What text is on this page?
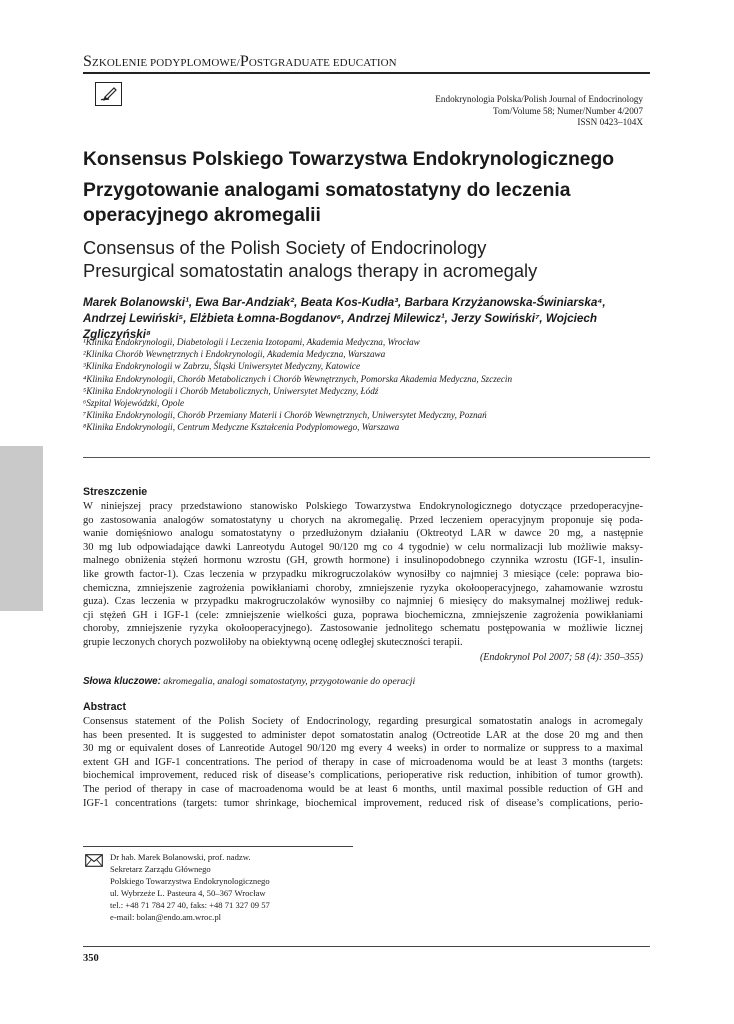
SZKOLENIE PODYPLOMOWE/POSTGRADUATE EDUCATION
Endokrynologia Polska/Polish Journal of Endocrinology
Tom/Volume 58; Numer/Number 4/2007
ISSN 0423–104X
Konsensus Polskiego Towarzystwa Endokrynologicznego
Przygotowanie analogami somatostatyny do leczenia
operacyjnego akromegalii
Consensus of the Polish Society of Endocrinology
Presurgical somatostatin analogs therapy in acromegaly
Marek Bolanowski¹, Ewa Bar-Andziak², Beata Kos-Kudła³, Barbara Krzyżanowska-Świniarska⁴,
Andrzej Lewiński⁵, Elżbieta Łomna-Bogdanov⁶, Andrzej Milewicz¹, Jerzy Sowiński⁷, Wojciech Zgliczyński⁸
¹Klinika Endokrynologii, Diabetologii i Leczenia Izotopami, Akademia Medyczna, Wrocław
²Klinika Chorób Wewnętrznych i Endokrynologii, Akademia Medyczna, Warszawa
³Klinika Endokrynologii w Zabrzu, Śląski Uniwersytet Medyczny, Katowice
⁴Klinika Endokrynologii, Chorób Metabolicznych i Chorób Wewnętrznych, Pomorska Akademia Medyczna, Szczecin
⁵Klinika Endokrynologii i Chorób Metabolicznych, Uniwersytet Medyczny, Łódź
⁶Szpital Wojewódzki, Opole
⁷Klinika Endokrynologii, Chorób Przemiany Materii i Chorób Wewnętrznych, Uniwersytet Medyczny, Poznań
⁸Klinika Endokrynologii, Centrum Medyczne Kształcenia Podyplomowego, Warszawa
Streszczenie
W niniejszej pracy przedstawiono stanowisko Polskiego Towarzystwa Endokrynologicznego dotyczące przedoperacyjne-
go zastosowania analogów somatostatyny u chorych na akromegalię. Przed leczeniem operacyjnym proponuje się poda-
wanie domięśniowo analogu somatostatyny o przedłużonym działaniu (Oktreotyd LAR w dawce 20 mg, a następnie
30 mg lub odpowiadające dawki Lanreotydu Autogel 90/120 mg co 4 tygodnie) w celu normalizacji lub możliwie maksy-
malnego obniżenia stężeń hormonu wzrostu (GH, growth hormone) i insulinopodobnego czynnika wzrostu (IGF-1, insulin-
like growth factor-1). Czas leczenia w przypadku mikrogruczolaków wynosiłby co najmniej 3 miesiące (cele: poprawa bio-
chemiczna, zmniejszenie zagrożenia powikłaniami choroby, zmniejszenie ryzyka okołooperacyjnego, zahamowanie wzrostu
guza). Czas leczenia w przypadku makrogruczolaków wynosiłby co najmniej 6 miesięcy do maksymalnej możliwej reduk-
cji stężeń GH i IGF-1 (cele: zmniejszenie wielkości guza, poprawa biochemiczna, zmniejszenie zagrożenia powikłaniami
choroby, zmniejszenie ryzyka okołooperacyjnego). Zastosowanie jednolitego schematu postępowania w możliwie licznej
grupie leczonych chorych pozwoliłoby na obiektywną ocenę odległej skuteczności terapii.
(Endokrynol Pol 2007; 58 (4): 350–355)
Słowa kluczowe: akromegalia, analogi somatostatyny, przygotowanie do operacji
Abstract
Consensus statement of the Polish Society of Endocrinology, regarding presurgical somatostatin analogs in acromegaly
has been presented. It is suggested to administer depot somatostatin analog (Octreotide LAR at the dose 20 mg and then
30 mg or equivalent doses of Lanreotide Autogel 90/120 mg every 4 weeks) in order to normalize or suppress to a maximal
extent GH and IGF-1 concentrations. The period of therapy in case of microadenoma would be at least 3 months (targets:
biochemical improvement, reduced risk of disease’s complications, perioperative risk reduction, inhibition of tumor growth).
The period of therapy in case of macroadenoma would be at least 6 months, until maximal possible reduction of GH and
IGF-1 concentrations (targets: tumor shrinkage, biochemical improvement, reduced risk of disease’s complications, perio-
Dr hab. Marek Bolanowski, prof. nadzw.
Sekretarz Zarządu Głównego
Polskiego Towarzystwa Endokrynologicznego
ul. Wybrzeże L. Pasteura 4, 50–367 Wrocław
tel.: +48 71 784 27 40, faks: +48 71 327 09 57
e-mail: bolan@endo.am.wroc.pl
350
